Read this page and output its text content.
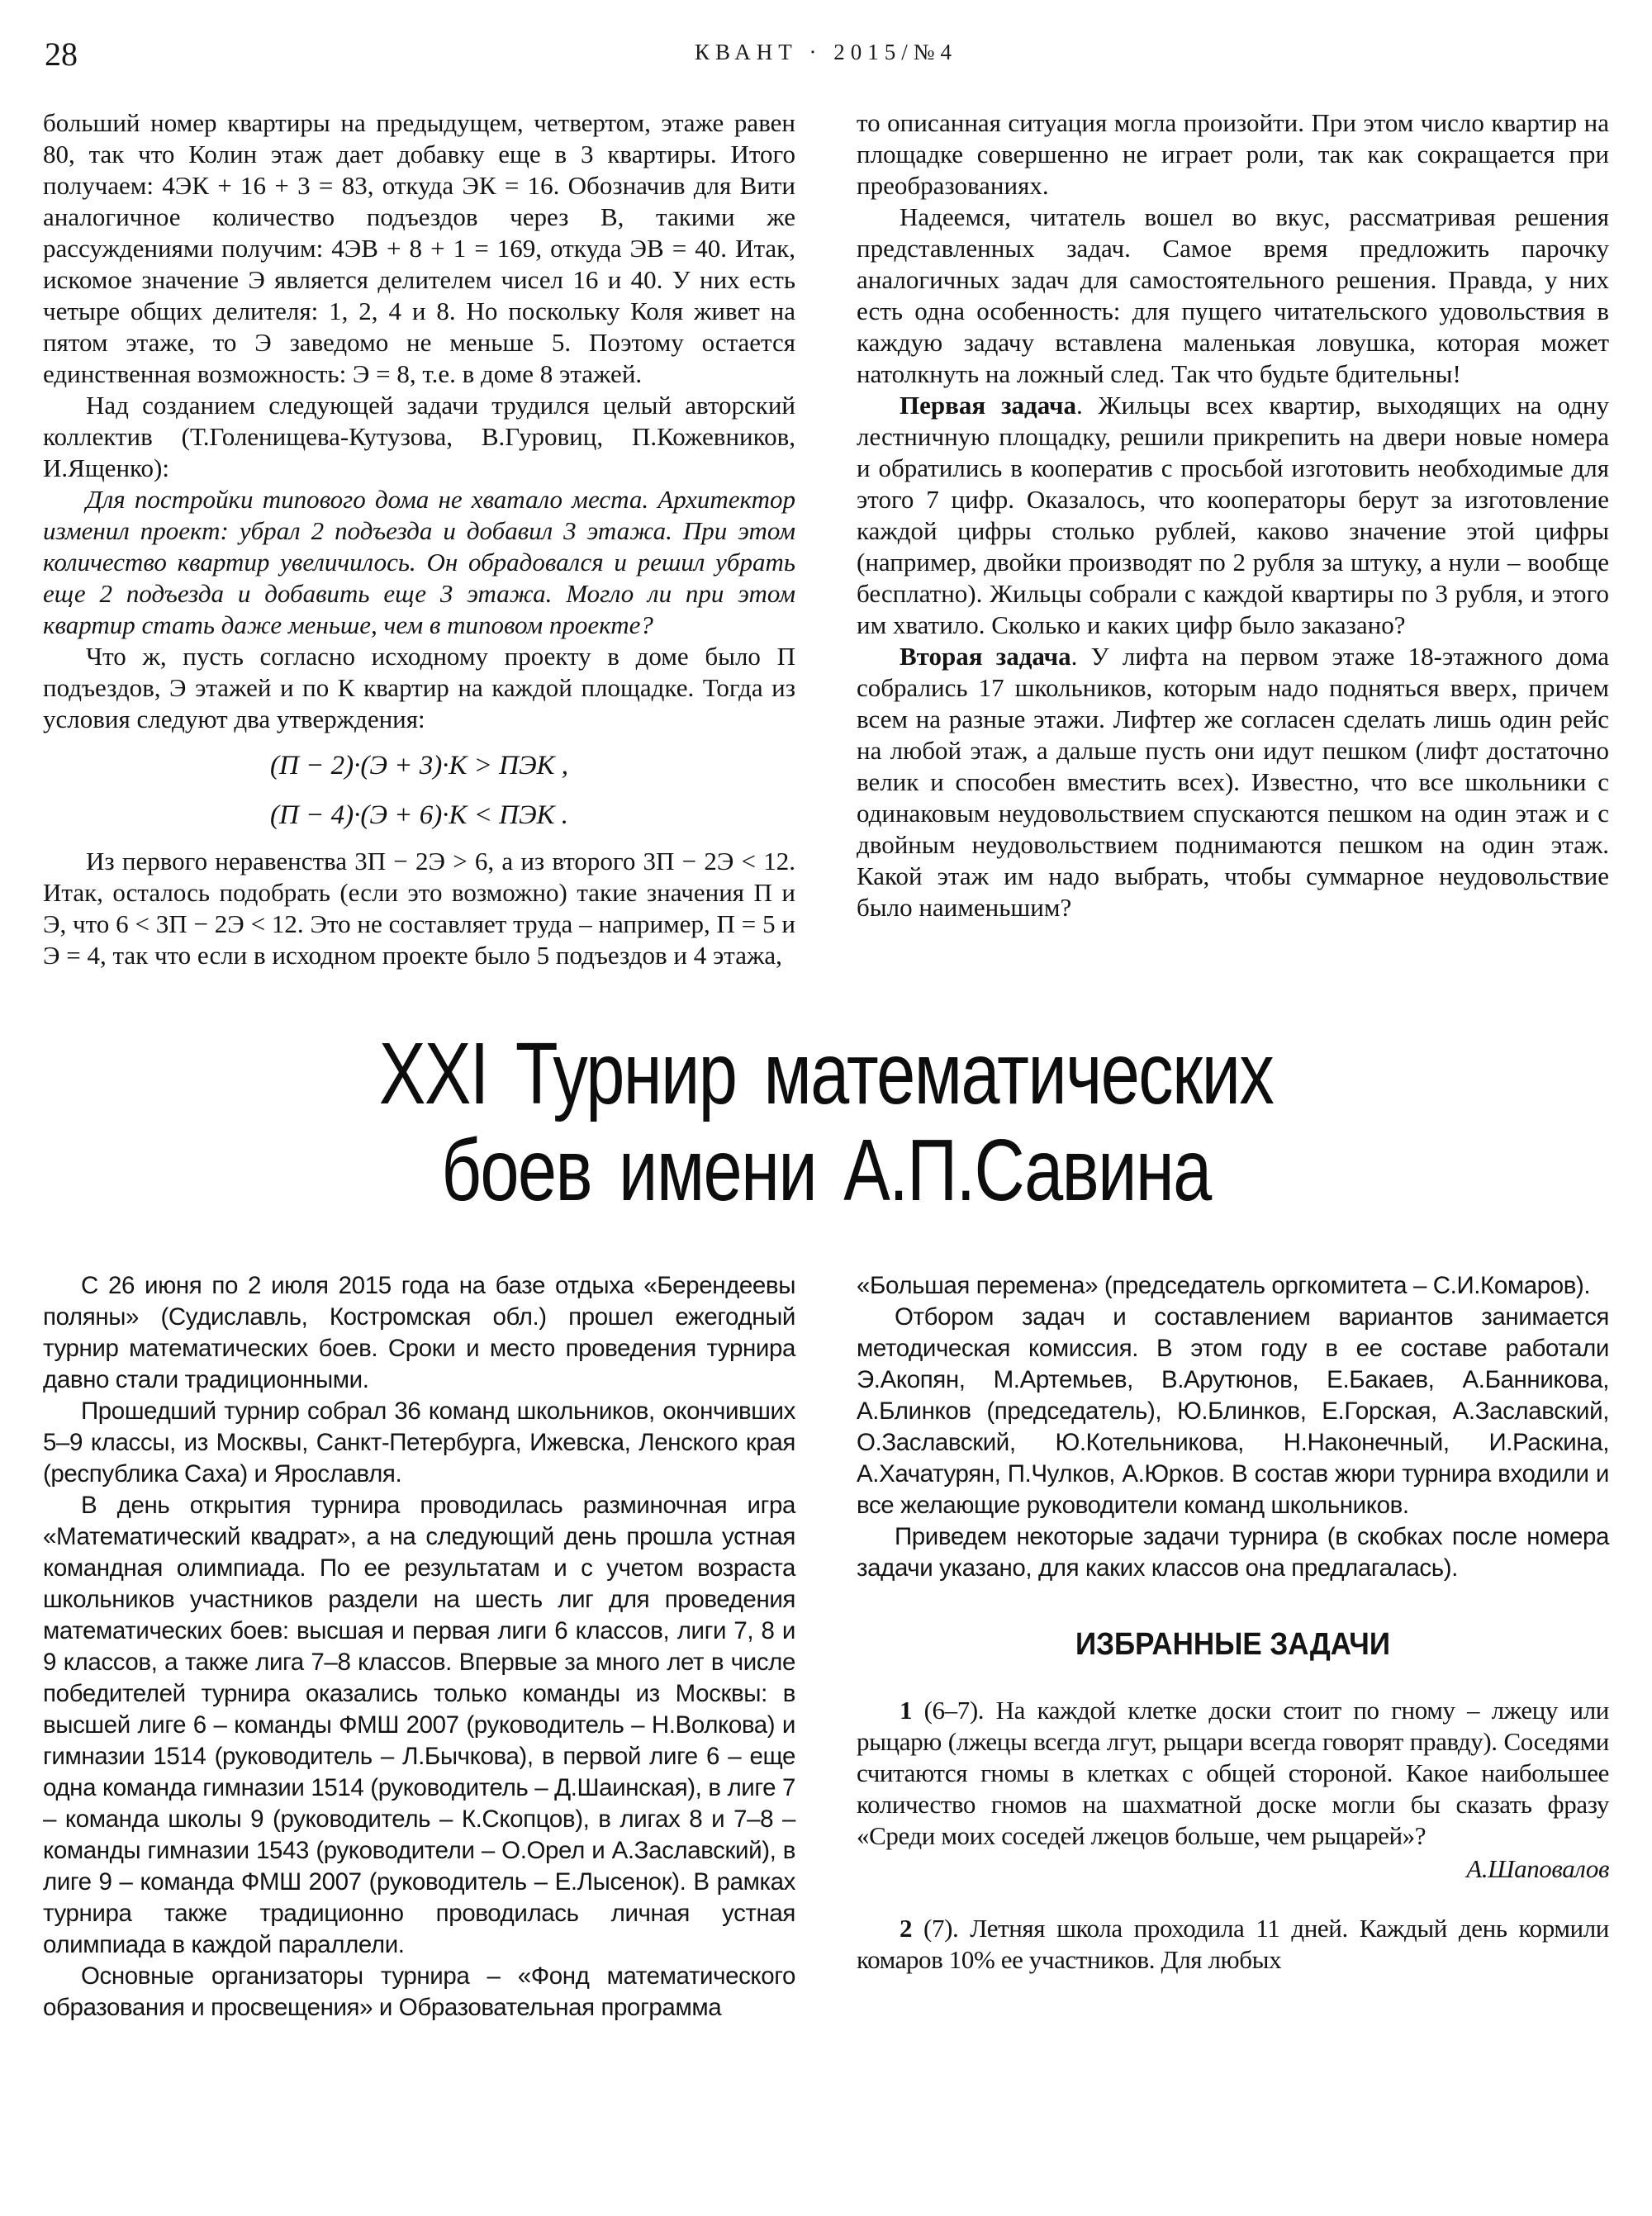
28	КВАНТ · 2015/№4

больший номер квартиры на предыдущем, четвертом, этаже равен 80, так что Колин этаж дает добавку еще в 3 квартиры. Итого получаем: 4ЭК + 16 + 3 = 83, откуда ЭК = 16. Обозначив для Вити аналогичное количество подъездов через В, такими же рассуждениями получим: 4ЭВ + 8 + 1 = 169, откуда ЭВ = 40. Итак, искомое значение Э является делителем чисел 16 и 40. У них есть четыре общих делителя: 1, 2, 4 и 8. Но поскольку Коля живет на пятом этаже, то Э заведомо не меньше 5. Поэтому остается единственная возможность: Э = 8, т.е. в доме 8 этажей.

Над созданием следующей задачи трудился целый авторский коллектив (Т.Голенищева-Кутузова, В.Гуровиц, П.Кожевников, И.Ященко):

Для постройки типового дома не хватало места. Архитектор изменил проект: убрал 2 подъезда и добавил 3 этажа. При этом количество квартир увеличилось. Он обрадовался и решил убрать еще 2 подъезда и добавить еще 3 этажа. Могло ли при этом квартир стать даже меньше, чем в типовом проекте?

Что ж, пусть согласно исходному проекту в доме было П подъездов, Э этажей и по К квартир на каждой площадке. Тогда из условия следуют два утверждения:

(П − 2)·(Э + 3)·К > ПЭК ,

(П − 4)·(Э + 6)·К < ПЭК .

Из первого неравенства 3П − 2Э > 6, а из второго 3П − 2Э < 12. Итак, осталось подобрать (если это возможно) такие значения П и Э, что 6 < 3П − 2Э < 12. Это не составляет труда – например, П = 5 и Э = 4, так что если в исходном проекте было 5 подъездов и 4 этажа,

то описанная ситуация могла произойти. При этом число квартир на площадке совершенно не играет роли, так как сокращается при преобразованиях.

Надеемся, читатель вошел во вкус, рассматривая решения представленных задач. Самое время предложить парочку аналогичных задач для самостоятельного решения. Правда, у них есть одна особенность: для пущего читательского удовольствия в каждую задачу вставлена маленькая ловушка, которая может натолкнуть на ложный след. Так что будьте бдительны!

Первая задача. Жильцы всех квартир, выходящих на одну лестничную площадку, решили прикрепить на двери новые номера и обратились в кооператив с просьбой изготовить необходимые для этого 7 цифр. Оказалось, что кооператоры берут за изготовление каждой цифры столько рублей, каково значение этой цифры (например, двойки производят по 2 рубля за штуку, а нули – вообще бесплатно). Жильцы собрали с каждой квартиры по 3 рубля, и этого им хватило. Сколько и каких цифр было заказано?

Вторая задача. У лифта на первом этаже 18-этажного дома собрались 17 школьников, которым надо подняться вверх, причем всем на разные этажи. Лифтер же согласен сделать лишь один рейс на любой этаж, а дальше пусть они идут пешком (лифт достаточно велик и способен вместить всех). Известно, что все школьники с одинаковым неудовольствием спускаются пешком на один этаж и с двойным неудовольствием поднимаются пешком на один этаж. Какой этаж им надо выбрать, чтобы суммарное неудовольствие было наименьшим?

XXI Турнир математических
боев имени А.П.Савина

С 26 июня по 2 июля 2015 года на базе отдыха «Берендеевы поляны» (Судиславль, Костромская обл.) прошел ежегодный турнир математических боев. Сроки и место проведения турнира давно стали традиционными.

Прошедший турнир собрал 36 команд школьников, окончивших 5–9 классы, из Москвы, Санкт-Петербурга, Ижевска, Ленского края (республика Саха) и Ярославля.

В день открытия турнира проводилась разминочная игра «Математический квадрат», а на следующий день прошла устная командная олимпиада. По ее результатам и с учетом возраста школьников участников раздели на шесть лиг для проведения математических боев: высшая и первая лиги 6 классов, лиги 7, 8 и 9 классов, а также лига 7–8 классов. Впервые за много лет в числе победителей турнира оказались только команды из Москвы: в высшей лиге 6 – команды ФМШ 2007 (руководитель – Н.Волкова) и гимназии 1514 (руководитель – Л.Бычкова), в первой лиге 6 – еще одна команда гимназии 1514 (руководитель – Д.Шаинская), в лиге 7 – команда школы 9 (руководитель – К.Скопцов), в лигах 8 и 7–8 – команды гимназии 1543 (руководители – О.Орел и А.Заславский), в лиге 9 – команда ФМШ 2007 (руководитель – Е.Лысенок). В рамках турнира также традиционно проводилась личная устная олимпиада в каждой параллели.

Основные организаторы турнира – «Фонд математического образования и просвещения» и Образовательная программа

«Большая перемена» (председатель оргкомитета – С.И.Комаров).

Отбором задач и составлением вариантов занимается методическая комиссия. В этом году в ее составе работали Э.Акопян, М.Артемьев, В.Арутюнов, Е.Бакаев, А.Банникова, А.Блинков (председатель), Ю.Блинков, Е.Горская, А.Заславский, О.Заславский, Ю.Котельникова, Н.Наконечный, И.Раскина, А.Хачатурян, П.Чулков, А.Юрков. В состав жюри турнира входили и все желающие руководители команд школьников.

Приведем некоторые задачи турнира (в скобках после номера задачи указано, для каких классов она предлагалась).

ИЗБРАННЫЕ ЗАДАЧИ

1 (6–7). На каждой клетке доски стоит по гному – лжецу или рыцарю (лжецы всегда лгут, рыцари всегда говорят правду). Соседями считаются гномы в клетках с общей стороной. Какое наибольшее количество гномов на шахматной доске могли бы сказать фразу «Среди моих соседей лжецов больше, чем рыцарей»?

А.Шаповалов

2 (7). Летняя школа проходила 11 дней. Каждый день кормили комаров 10% ее участников. Для любых
